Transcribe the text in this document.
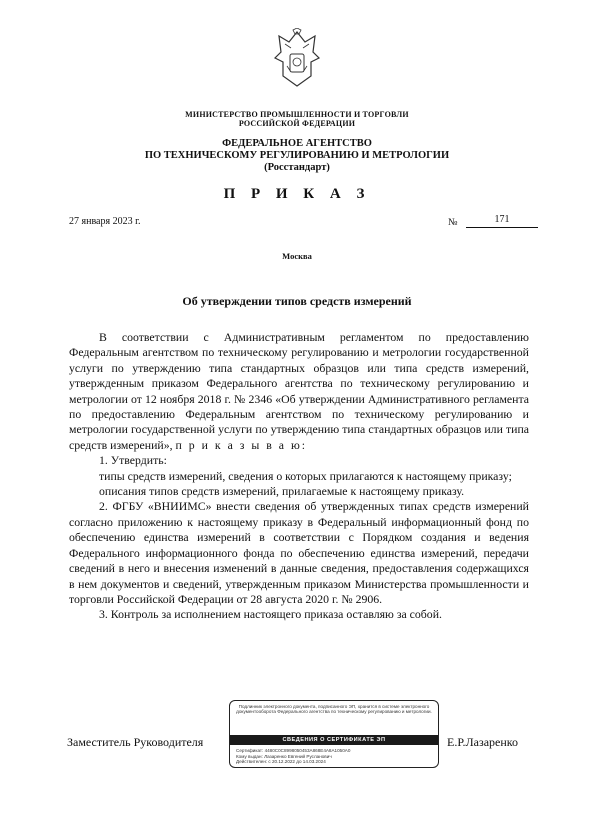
МИНИСТЕРСТВО ПРОМЫШЛЕННОСТИ И ТОРГОВЛИ
РОССИЙСКОЙ ФЕДЕРАЦИИ
ФЕДЕРАЛЬНОЕ АГЕНТСТВО
ПО ТЕХНИЧЕСКОМУ РЕГУЛИРОВАНИЮ И МЕТРОЛОГИИ
(Росстандарт)
П Р И К А З
27 января 2023 г.	№	171
Москва
Об утверждении типов средств измерений

В соответствии с Административным регламентом по предоставлению Федеральным агентством по техническому регулированию и метрологии государственной услуги по утверждению типа стандартных образцов или типа средств измерений, утвержденным приказом Федерального агентства по техническому регулированию и метрологии от 12 ноября 2018 г. № 2346 «Об утверждении Административного регламента по предоставлению Федеральным агентством по техническому регулированию и метрологии государственной услуги по утверждению типа стандартных образцов или типа средств измерений», п р и к а з ы в а ю:

1. Утвердить:

типы средств измерений, сведения о которых прилагаются к настоящему приказу;

описания типов средств измерений, прилагаемые к настоящему приказу.

2. ФГБУ «ВНИИМС» внести сведения об утвержденных типах средств измерений согласно приложению к настоящему приказу в Федеральный информационный фонд по обеспечению единства измерений в соответствии с Порядком создания и ведения Федерального информационного фонда по обеспечению единства измерений, передачи сведений в него и внесения изменений в данные сведения, предоставления содержащихся в нем документов и сведений, утвержденным приказом Министерства промышленности и торговли Российской Федерации от 28 августа 2020 г. № 2906.

3. Контроль за исполнением настоящего приказа оставляю за собой.

Заместитель Руководителя	Е.Р.Лазаренко
Подлинник электронного документа, подписанного ЭП, хранится в системе электронного документооборота Федерального агентства по техническому регулированию и метрологии.
СВЕДЕНИЯ О СЕРТИФИКАТЕ ЭП
Сертификат: 4480С0С8998050453А868Е4А8А1050А0
Кому выдан: Лазаренко Евгений Русланович
Действителен: с 20.12.2022 до 14.03.2024
